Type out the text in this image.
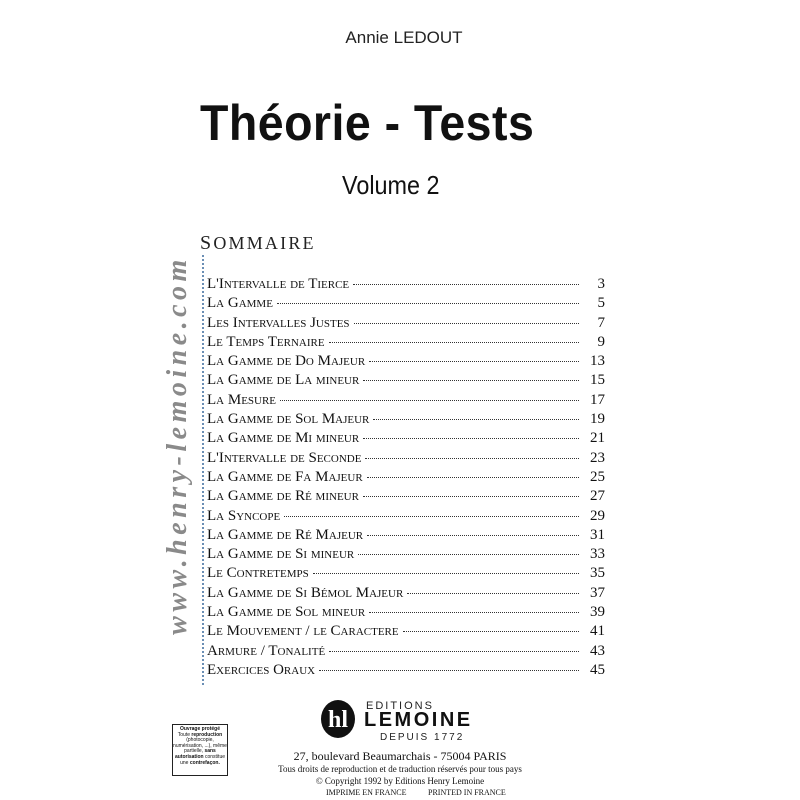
Annie LEDOUT
Théorie - Tests
Volume 2
www.henry-lemoine.com
SOMMAIRE
L'Intervalle de Tierce	3
La Gamme	5
Les Intervalles Justes	7
Le Temps Ternaire	9
La Gamme de Do Majeur	13
La Gamme de La mineur	15
La Mesure	17
La Gamme de Sol Majeur	19
La Gamme de Mi mineur	21
L'Intervalle de Seconde	23
La Gamme de Fa Majeur	25
La Gamme de Ré mineur	27
La Syncope	29
La Gamme de Ré Majeur	31
La Gamme de Si mineur	33
Le Contretemps	35
La Gamme de Si Bémol Majeur	37
La Gamme de Sol mineur	39
Le Mouvement / le Caractere	41
Armure / Tonalité	43
Exercices Oraux	45
Ouvrage protégé
Toute reproduction (photocopie, numérisation, ...), même partielle, sans autorisation constitue une contrefaçon.
hl
EDITIONS
LEMOINE
DEPUIS 1772
27, boulevard Beaumarchais - 75004 PARIS
Tous droits de reproduction et de traduction réservés pour tous pays
© Copyright 1992 by Editions Henry Lemoine
IMPRIME EN FRANCE	PRINTED IN FRANCE
